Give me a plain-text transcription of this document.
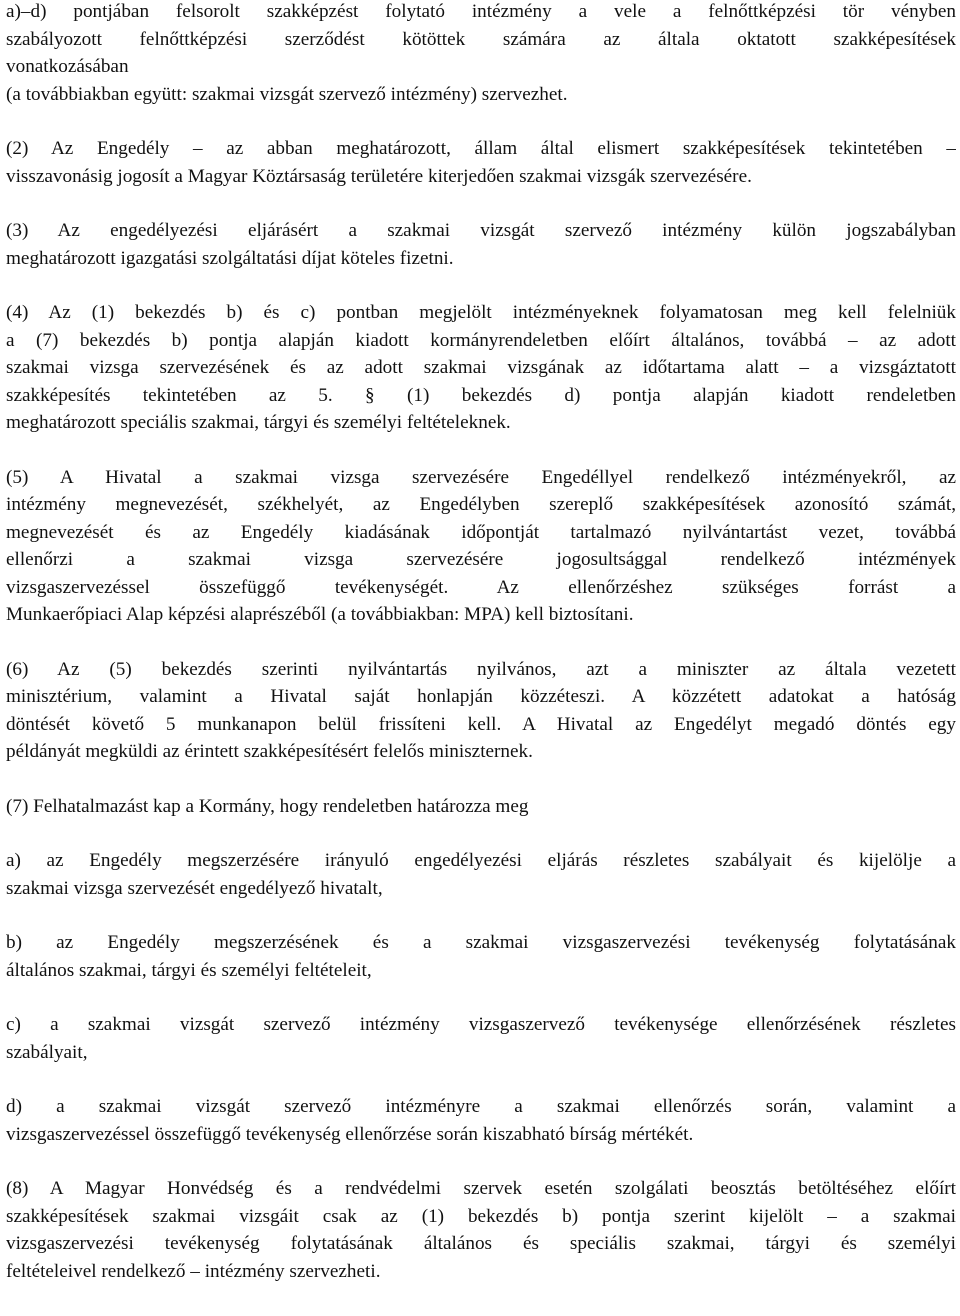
a)–d) pontjában felsorolt szakképzést folytató intézmény a vele a felnőttképzési tör vényben
szabályozott felnőttképzési szerződést kötöttek számára az általa oktatott szakképesítések
vonatkozásában
(a továbbiakban együtt: szakmai vizsgát szervező intézmény) szervezhet.
(2) Az Engedély – az abban meghatározott, állam által elismert szakképesítések tekintetében –
visszavonásig jogosít a Magyar Köztársaság területére kiterjedően szakmai vizsgák szervezésére.
(3) Az engedélyezési eljárásért a szakmai vizsgát szervező intézmény külön jogszabályban
meghatározott igazgatási szolgáltatási díjat köteles fizetni.
(4) Az (1) bekezdés b) és c) pontban megjelölt intézményeknek folyamatosan meg kell felelniük
a (7) bekezdés b) pontja alapján kiadott kormányrendeletben előírt általános, továbbá – az adott
szakmai vizsga szervezésének és az adott szakmai vizsgának az időtartama alatt – a vizsgáztatott
szakképesítés tekintetében az 5. § (1) bekezdés d) pontja alapján kiadott rendeletben
meghatározott speciális szakmai, tárgyi és személyi feltételeknek.
(5) A Hivatal a szakmai vizsga szervezésére Engedéllyel rendelkező intézményekről, az
intézmény megnevezését, székhelyét, az Engedélyben szereplő szakképesítések azonosító számát,
megnevezését és az Engedély kiadásának időpontját tartalmazó nyilvántartást vezet, továbbá
ellenőrzi a szakmai vizsga szervezésére jogosultsággal rendelkező intézmények
vizsgaszervezéssel összefüggő tevékenységét. Az ellenőrzéshez szükséges forrást a
Munkaerőpiaci Alap képzési alaprészéből (a továbbiakban: MPA) kell biztosítani.
(6) Az (5) bekezdés szerinti nyilvántartás nyilvános, azt a miniszter az általa vezetett
minisztérium, valamint a Hivatal saját honlapján közzéteszi. A közzétett adatokat a hatóság
döntését követő 5 munkanapon belül frissíteni kell. A Hivatal az Engedélyt megadó döntés egy
példányát megküldi az érintett szakképesítésért felelős miniszternek.
(7) Felhatalmazást kap a Kormány, hogy rendeletben határozza meg
a) az Engedély megszerzésére irányuló engedélyezési eljárás részletes szabályait és kijelölje a
szakmai vizsga szervezését engedélyező hivatalt,
b) az Engedély megszerzésének és a szakmai vizsgaszervezési tevékenység folytatásának
általános szakmai, tárgyi és személyi feltételeit,
c) a szakmai vizsgát szervező intézmény vizsgaszervező tevékenysége ellenőrzésének részletes
szabályait,
d) a szakmai vizsgát szervező intézményre a szakmai ellenőrzés során, valamint a
vizsgaszervezéssel összefüggő tevékenység ellenőrzése során kiszabható bírság mértékét.
(8) A Magyar Honvédség és a rendvédelmi szervek esetén szolgálati beosztás betöltéséhez előírt
szakképesítések szakmai vizsgáit csak az (1) bekezdés b) pontja szerint kijelölt – a szakmai
vizsgaszervezési tevékenység folytatásának általános és speciális szakmai, tárgyi és személyi
feltételeivel rendelkező – intézmény szervezheti.
